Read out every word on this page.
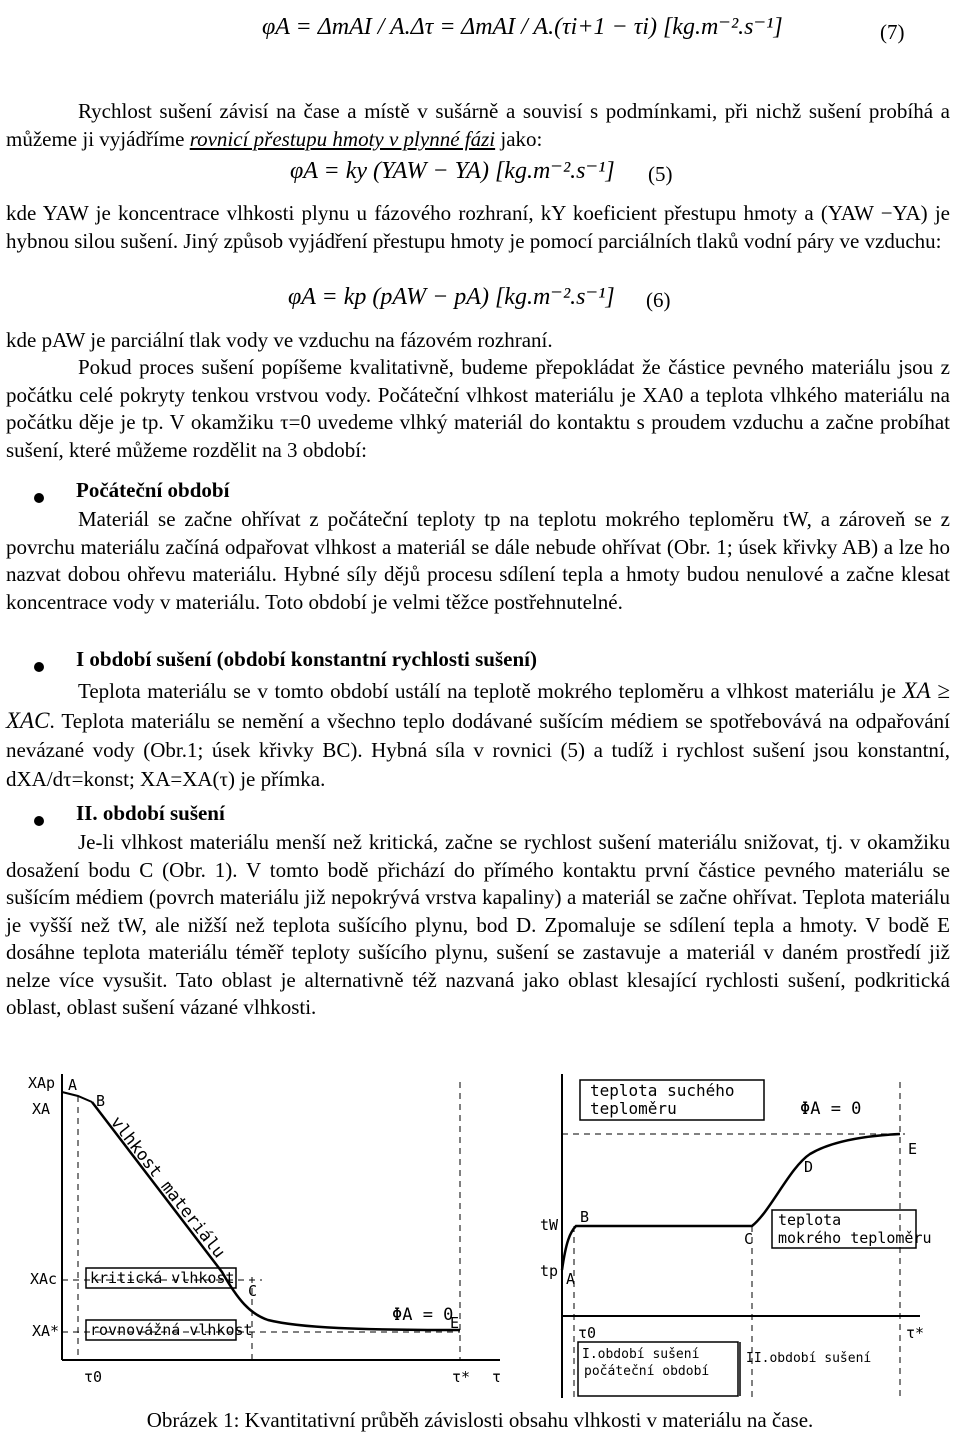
φA = ΔmAI / A.Δτ = ΔmAI / A.(τi+1 − τi) [kg.m⁻².s⁻¹]	(7)
Rychlost sušení závisí na čase a místě v sušárně a souvisí s podmínkami, při nichž sušení probíhá a můžeme ji vyjádříme rovnicí přestupu hmoty v plynné fázi jako:
φA = ky (YAW − YA) [kg.m⁻².s⁻¹] (5)
kde YAW je koncentrace vlhkosti plynu u fázového rozhraní, kY koeficient přestupu hmoty a (YAW −YA) je hybnou silou sušení. Jiný způsob vyjádření přestupu hmoty je pomocí parciálních tlaků vodní páry ve vzduchu:
φA = kp (pAW − pA) [kg.m⁻².s⁻¹] (6)
kde pAW je parciální tlak vody ve vzduchu na fázovém rozhraní.
Pokud proces sušení popíšeme kvalitativně, budeme přepokládat že částice pevného materiálu jsou z počátku celé pokryty tenkou vrstvou vody. Počáteční vlhkost materiálu je XA0 a teplota vlhkého materiálu na počátku děje je tp. V okamžiku τ=0 uvedeme vlhký materiál do kontaktu s proudem vzduchu a začne probíhat sušení, které můžeme rozdělit na 3 období:
Počáteční období
Materiál se začne ohřívat z počáteční teploty tp na teplotu mokrého teploměru tW, a zároveň se z povrchu materiálu začíná odpařovat vlhkost a materiál se dále nebude ohřívat (Obr. 1; úsek křivky AB) a lze ho nazvat dobou ohřevu materiálu. Hybné síly dějů procesu sdílení tepla a hmoty budou nenulové a začne klesat koncentrace vody v materiálu. Toto období je velmi těžce postřehnutelné.
I období sušení (období konstantní rychlosti sušení)
Teplota materiálu se v tomto období ustálí na teplotě mokrého teploměru a vlhkost materiálu je XA ≥ XAC. Teplota materiálu se nemění a všechno teplo dodávané sušícím médiem se spotřebovává na odpařování nevázané vody (Obr.1; úsek křivky BC). Hybná síla v rovnici (5) a tudíž i rychlost sušení jsou konstantní, dXA/dτ=konst; XA=XA(τ) je přímka.
II. období sušení
Je-li vlhkost materiálu menší než kritická, začne se rychlost sušení materiálu snižovat, tj. v okamžiku dosažení bodu C (Obr. 1). V tomto bodě přichází do přímého kontaktu první částice pevného materiálu se sušícím médiem (povrch materiálu již nepokrývá vrstva kapaliny) a materiál se začne ohřívat. Teplota materiálu je vyšší než tW, ale nižší než teplota sušícího plynu, bod D. Zpomaluje se sdílení tepla a hmoty. V bodě E dosáhne teplota materiálu téměř teploty sušícího plynu, sušení se zastavuje a materiál v daném prostředí již nelze více vysušit. Tato oblast je alternativně též nazvaná jako oblast klesající rychlosti sušení, podkritická oblast, oblast sušení vázané vlhkosti.
XAp
XA
XAc
XA*
τ
τ0	τ*
A
B
C
E
vlhkost materiálu
kritická vlhkost
rovnovážná vlhkost
ΦA = 0
tW
tp
τ0	τ*
A
B
C
D
E
teplota suchého
teploměru	ΦA = 0
teplota
mokrého teploměru
I.období sušení
počáteční období
II.období sušení
Obrázek 1: Kvantitativní průběh závislosti obsahu vlhkosti v materiálu na čase.
